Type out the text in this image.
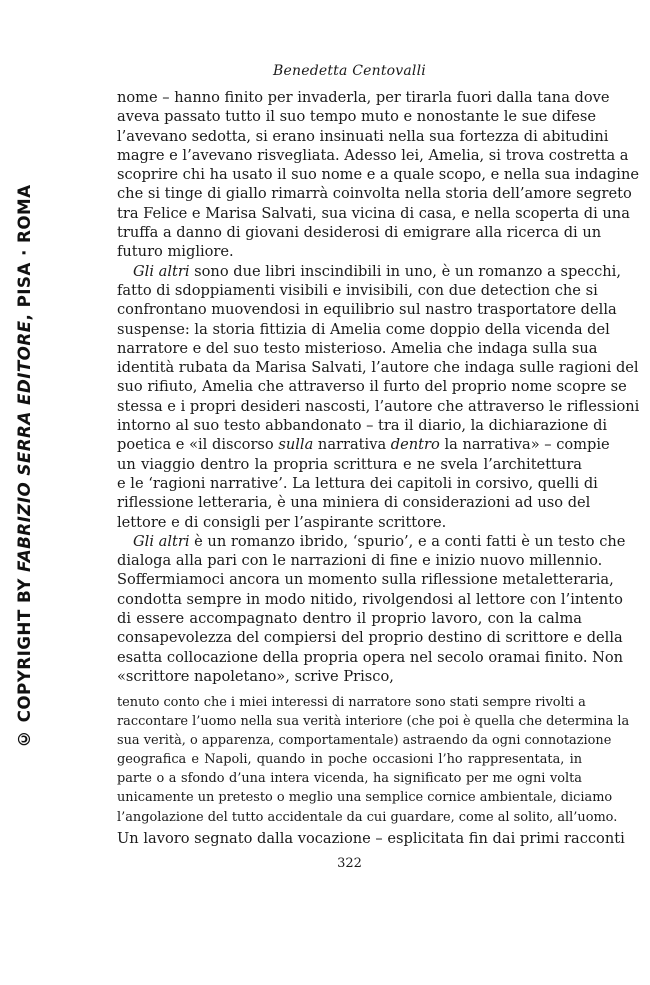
Benedetta Centovalli
© COPYRIGHT BY FABRIZIO SERRA EDITORE, PISA · ROMA
nome – hanno finito per invaderla, per tirarla fuori dalla tana dove
aveva passato tutto il suo tempo muto e nonostante le sue difese
l’avevano sedotta, si erano insinuati nella sua fortezza di abitudini
magre e l’avevano risvegliata. Adesso lei, Amelia, si trova costretta a
scoprire chi ha usato il suo nome e a quale scopo, e nella sua indagine
che si tinge di giallo rimarrà coinvolta nella storia dell’amore segreto
tra Felice e Marisa Salvati, sua vicina di casa, e nella scoperta di una
truffa a danno di giovani desiderosi di emigrare alla ricerca di un
futuro migliore.
Gli altri sono due libri inscindibili in uno, è un romanzo a specchi,
fatto di sdoppiamenti visibili e invisibili, con due detection che si
confrontano muovendosi in equilibrio sul nastro trasportatore della
suspense: la storia fittizia di Amelia come doppio della vicenda del
narratore e del suo testo misterioso. Amelia che indaga sulla sua
identità rubata da Marisa Salvati, l’autore che indaga sulle ragioni del
suo rifiuto, Amelia che attraverso il furto del proprio nome scopre se
stessa e i propri desideri nascosti, l’autore che attraverso le riflessioni
intorno al suo testo abbandonato – tra il diario, la dichiarazione di
poetica e «il discorso sulla narrativa dentro la narrativa» – compie
un viaggio dentro la propria scrittura e ne svela l’architettura
e le ‘ragioni narrative’. La lettura dei capitoli in corsivo, quelli di
riflessione letteraria, è una miniera di considerazioni ad uso del
lettore e di consigli per l’aspirante scrittore.
Gli altri è un romanzo ibrido, ‘spurio’, e a conti fatti è un testo che
dialoga alla pari con le narrazioni di fine e inizio nuovo millennio.
Soffermiamoci ancora un momento sulla riflessione metaletteraria,
condotta sempre in modo nitido, rivolgendosi al lettore con l’intento
di essere accompagnato dentro il proprio lavoro, con la calma
consapevolezza del compiersi del proprio destino di scrittore e della
esatta collocazione della propria opera nel secolo oramai finito. Non
«scrittore napoletano», scrive Prisco,
tenuto conto che i miei interessi di narratore sono stati sempre rivolti a
raccontare l’uomo nella sua verità interiore (che poi è quella che determina la
sua verità, o apparenza, comportamentale) astraendo da ogni connotazione
geografica e Napoli, quando in poche occasioni l’ho rappresentata, in
parte o a sfondo d’una intera vicenda, ha significato per me ogni volta
unicamente un pretesto o meglio una semplice cornice ambientale, diciamo
l’angolazione del tutto accidentale da cui guardare, come al solito, all’uomo.
Un lavoro segnato dalla vocazione – esplicitata fin dai primi racconti
322
